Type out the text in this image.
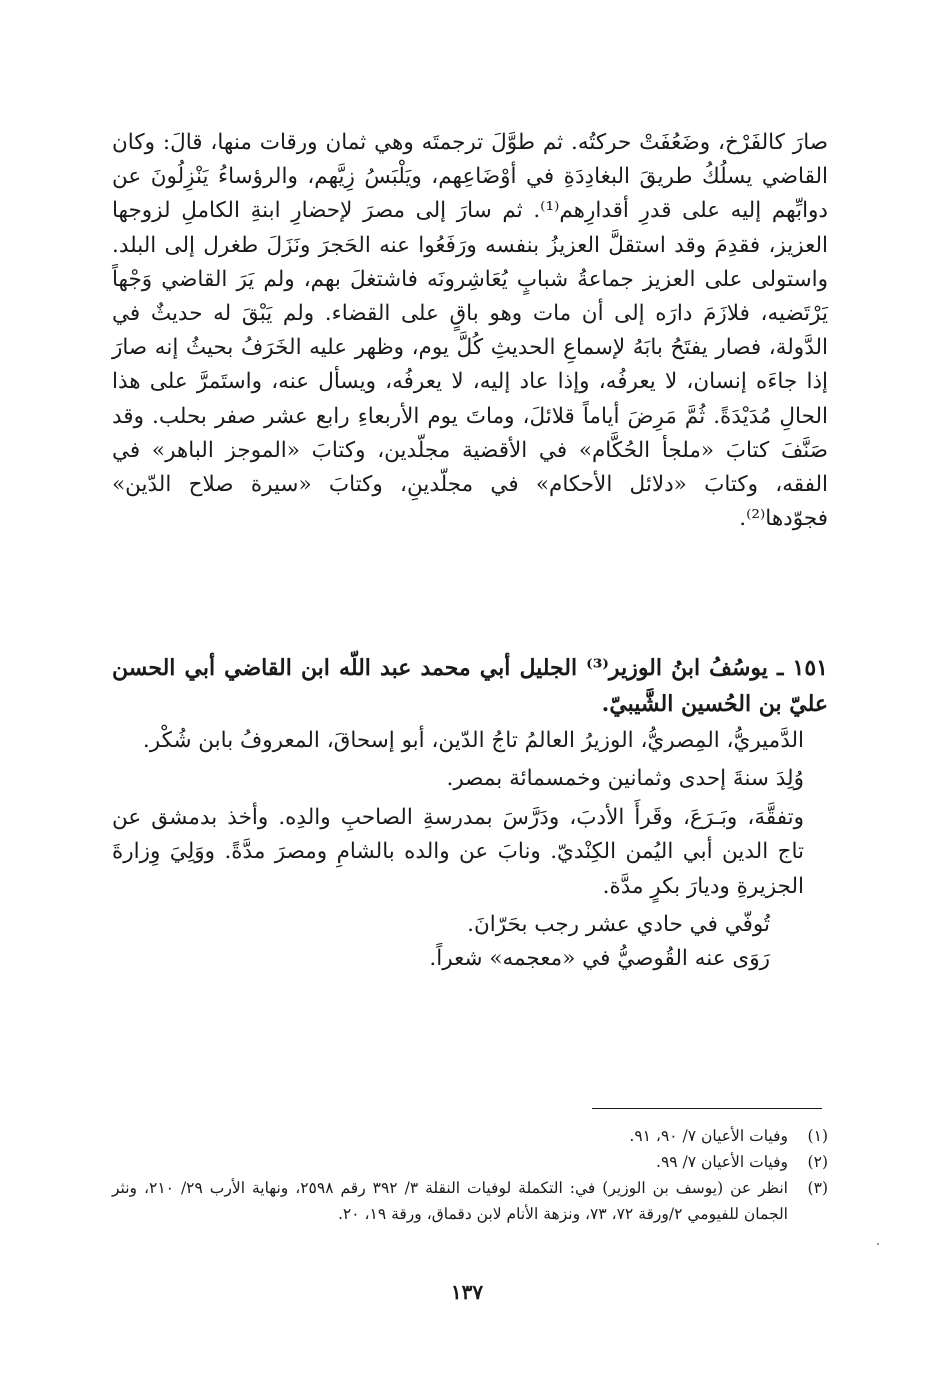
صارَ كالفَرْخ، وضَعُفَتْ حركتُه. ثم طوَّلَ ترجمتَه وهي ثمان ورقات منها، قالَ: وكان القاضي يسلُكُ طريقَ البغادِدَةِ في أوْضَاعِهم، ويَلْبَسُ زِيَّهم، والرؤساءُ يَنْزِلُونَ عن دوابِّهم إليه على قدرِ أقدارِهم⁽¹⁾. ثم سارَ إلى مصرَ لإحضارِ ابنةِ الكاملِ لزوجها العزيز، فقدِمَ وقد استقلَّ العزيزُ بنفسه ورَفَعُوا عنه الحَجرَ ونَزَلَ طغرل إلى البلد. واستولى على العزيز جماعةُ شبابٍ يُعَاشِرونَه فاشتغلَ بهم، ولم يَرَ القاضي وَجْهاً يَرْتَضيه، فلازَمَ دارَه إلى أن مات وهو باقٍ على القضاء. ولم يَبْقَ له حديثٌ في الدَّولة، فصار يفتَحُ بابَهُ لإسماعِ الحديثِ كُلَّ يوم، وظهر عليه الخَرَفُ بحيثُ إنه صارَ إذا جاءَه إنسان، لا يعرفُه، وإذا عاد إليه، لا يعرفُه، ويسأل عنه، واستَمرَّ على هذا الحالِ مُدَيْدَةً. ثُمَّ مَرِضَ أياماً قلائلَ، وماتَ يوم الأربعاءِ رابع عشر صفر بحلب. وقد صَنَّفَ كتابَ «ملجأ الحُكَّام» في الأقضية مجلّدين، وكتابَ «الموجز الباهر» في الفقه، وكتابَ «دلائل الأحكام» في مجلّدينِ، وكتابَ «سيرة صلاح الدّين» فجوّدها⁽²⁾.

١٥١ ـ يوسُفُ ابنُ الوزير⁽³⁾ الجليل أبي محمد عبد اللّه ابن القاضي أبي الحسن عليّ بن الحُسين الشَّيبيّ.

الدَّميريُّ، المِصريُّ، الوزيرُ العالمُ تاجُ الدّين، أبو إسحاقَ، المعروفُ بابن شُكْر.

وُلِدَ سنةَ إحدى وثمانين وخمسمائة بمصر.

وتفقَّهَ، وبَـرَعَ، وقَرأَ الأدبَ، ودَرَّسَ بمدرسةِ الصاحبِ والدِه. وأخذ بدمشق عن تاج الدين أبي اليُمن الكِنْديّ. ونابَ عن والده بالشامِ ومصرَ مدَّةً. ووَلِيَ وِزارةَ الجزيرةِ وديارَ بكرٍ مدَّة.

تُوفّي في حادي عشر رجب بحَرّانَ.

رَوَى عنه القُوصيُّ في «معجمه» شعراً.

(١)
وفيات الأعيان ٧/ ٩٠، ٩١.
(٢)
وفيات الأعيان ٧/ ٩٩.
(٣)
انظر عن (يوسف بن الوزير) في: التكملة لوفيات النقلة ٣/ ٣٩٢ رقم ٢٥٩٨، ونهاية الأرب ٢٩/ ٢١٠، ونثر الجمان للفيومي ٢/ورقة ٧٢، ٧٣، ونزهة الأنام لابن دقماق، ورقة ١٩، ٢٠.
١٣٧
